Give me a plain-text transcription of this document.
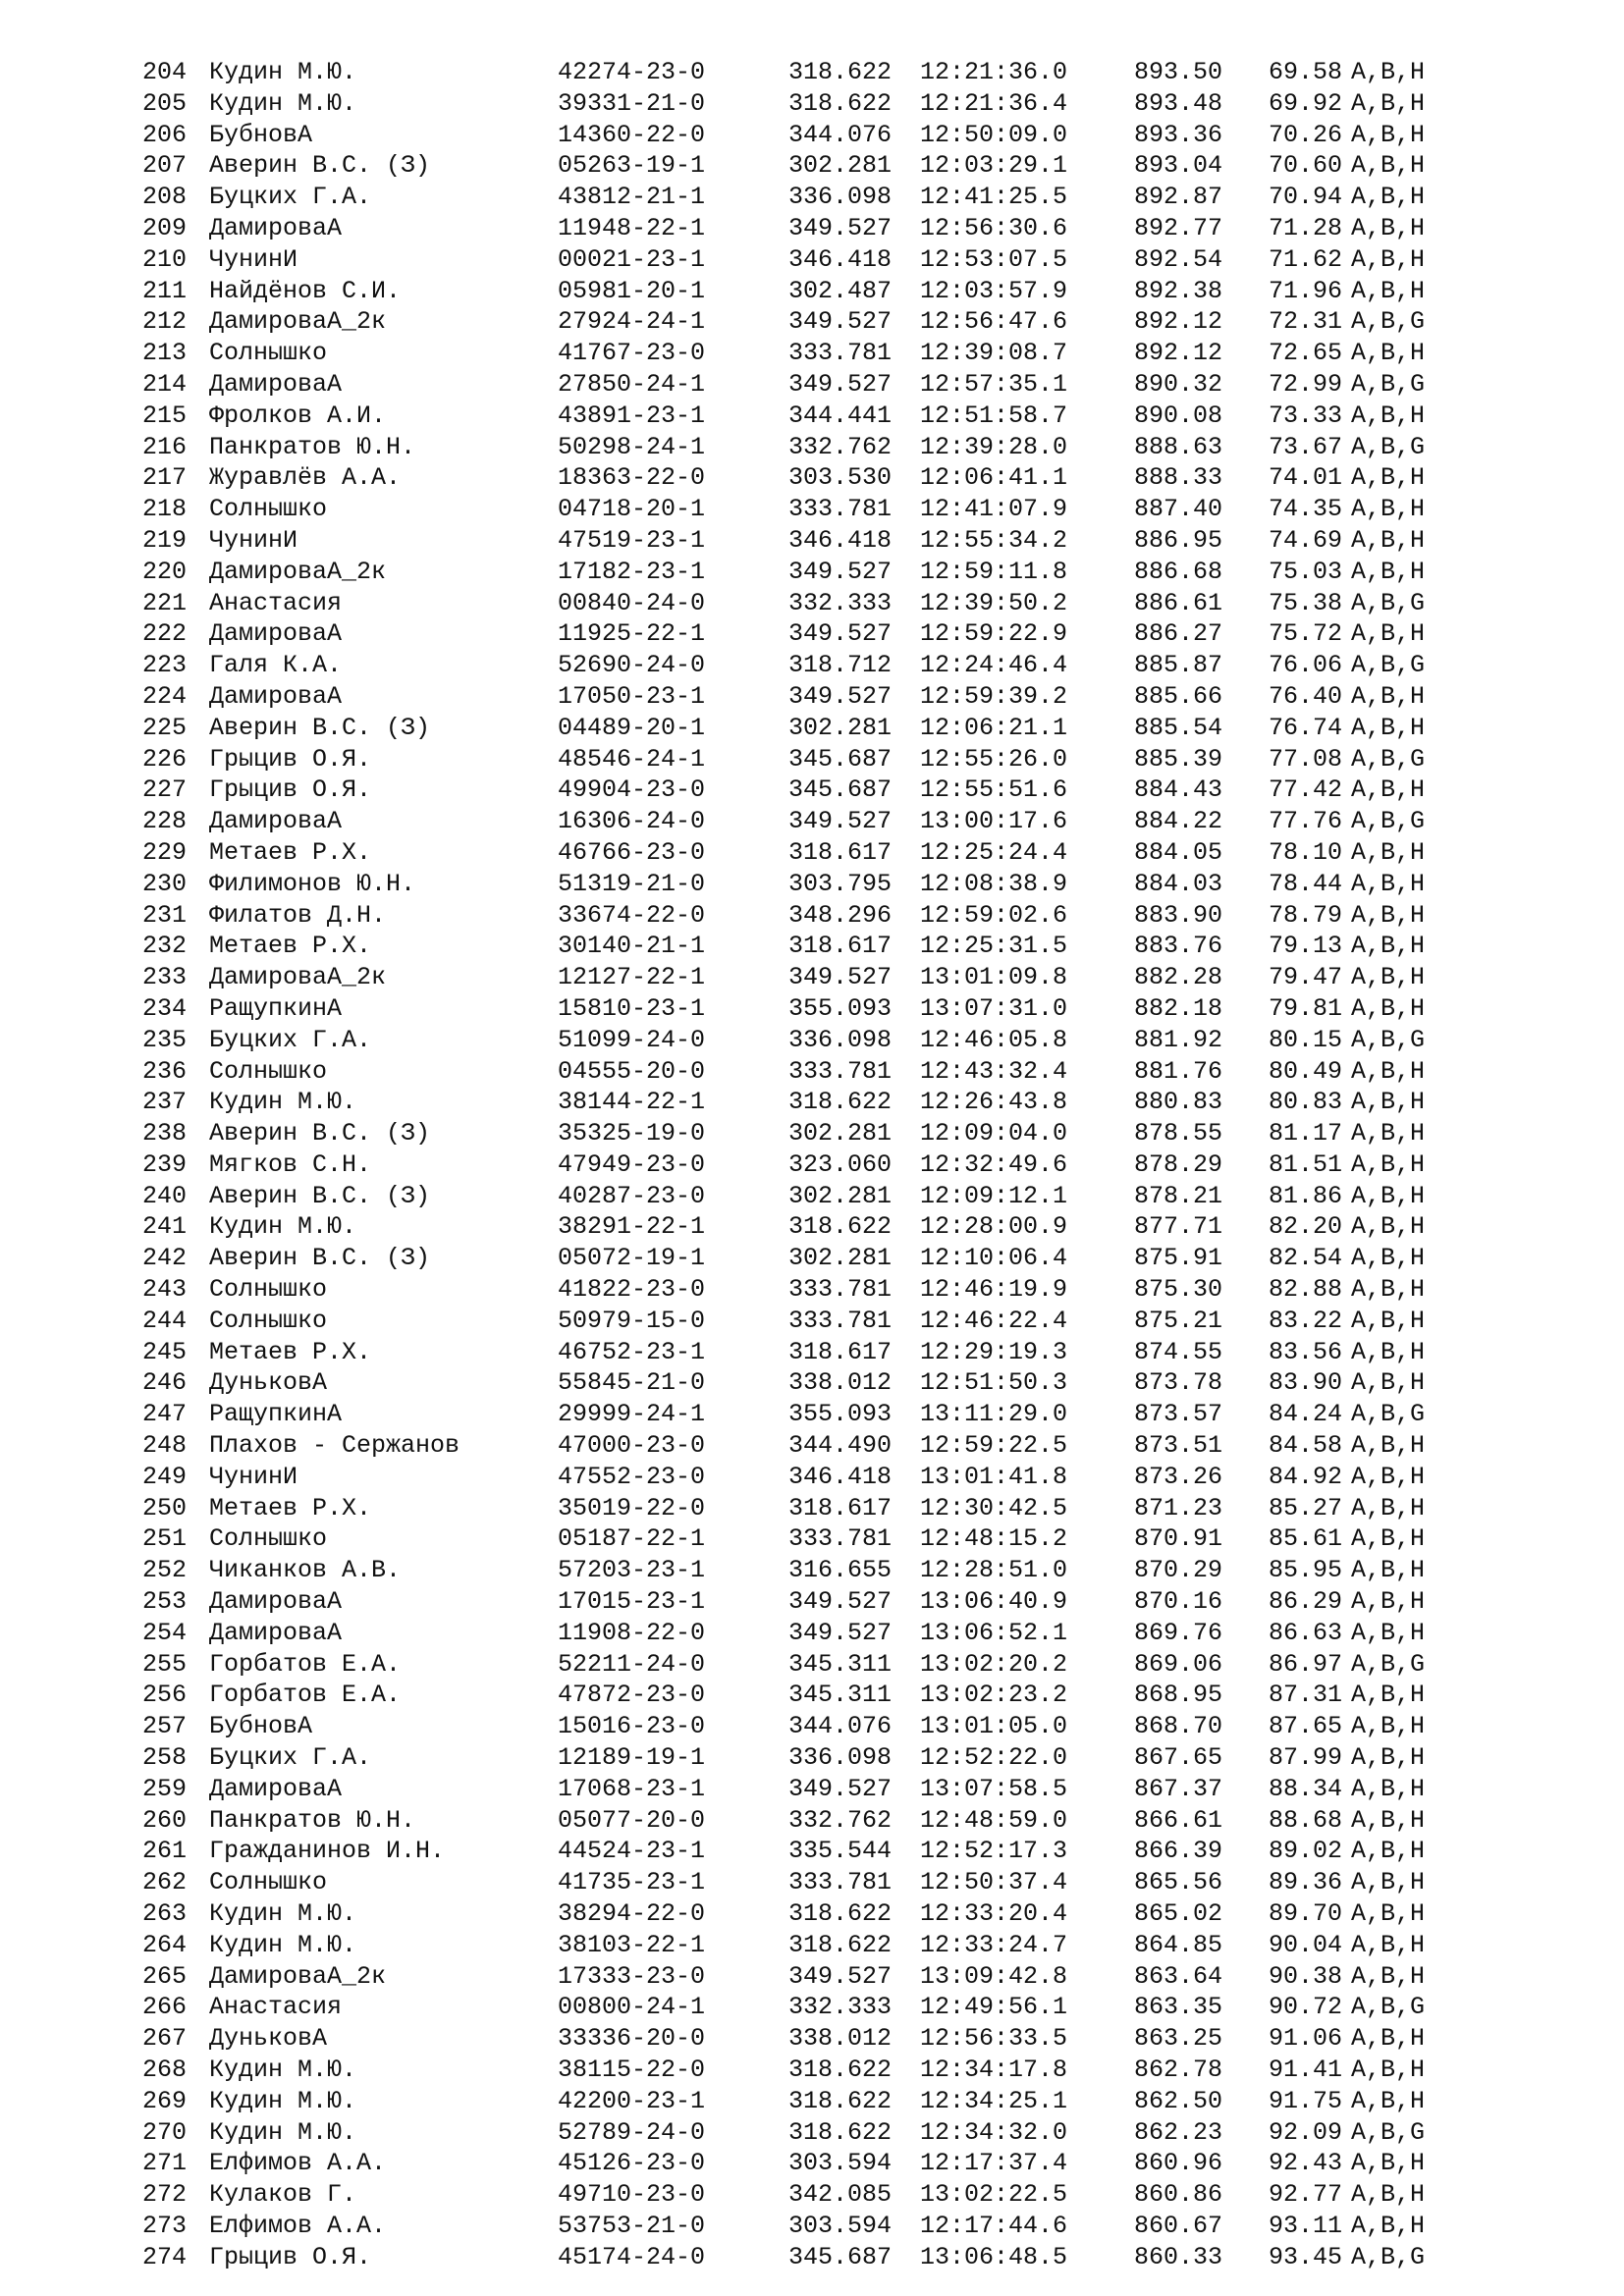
204 Кудин М.Ю.	42274-23-0	318.622 12:21:36.0	893.50 69.58 A,B,H
205 Кудин М.Ю.	39331-21-0	318.622 12:21:36.4	893.48 69.92 A,B,H
206 БубновА	14360-22-0	344.076 12:50:09.0	893.36 70.26 A,B,H
207 Аверин В.С. (З)	05263-19-1	302.281 12:03:29.1	893.04 70.60 A,B,H
208 Буцких Г.А.	43812-21-1	336.098 12:41:25.5	892.87 70.94 A,B,H
209 ДамироваА	11948-22-1	349.527 12:56:30.6	892.77 71.28 A,B,H
210 ЧунинИ	00021-23-1	346.418 12:53:07.5	892.54 71.62 A,B,H
211 Найдёнов С.И.	05981-20-1	302.487 12:03:57.9	892.38 71.96 A,B,H
212 ДамироваА_2к	27924-24-1	349.527 12:56:47.6	892.12 72.31 A,B,G
213 Солнышко	41767-23-0	333.781 12:39:08.7	892.12 72.65 A,B,H
214 ДамироваА	27850-24-1	349.527 12:57:35.1	890.32 72.99 A,B,G
215 Фролков А.И.	43891-23-1	344.441 12:51:58.7	890.08 73.33 A,B,H
216 Панкратов Ю.Н.	50298-24-1	332.762 12:39:28.0	888.63 73.67 A,B,G
217 Журавлёв А.А.	18363-22-0	303.530 12:06:41.1	888.33 74.01 A,B,H
218 Солнышко	04718-20-1	333.781 12:41:07.9	887.40 74.35 A,B,H
219 ЧунинИ	47519-23-1	346.418 12:55:34.2	886.95 74.69 A,B,H
220 ДамироваА_2к	17182-23-1	349.527 12:59:11.8	886.68 75.03 A,B,H
221 Анастасия	00840-24-0	332.333 12:39:50.2	886.61 75.38 A,B,G
222 ДамироваА	11925-22-1	349.527 12:59:22.9	886.27 75.72 A,B,H
223 Галя К.А.	52690-24-0	318.712 12:24:46.4	885.87 76.06 A,B,G
224 ДамироваА	17050-23-1	349.527 12:59:39.2	885.66 76.40 A,B,H
225 Аверин В.С. (З)	04489-20-1	302.281 12:06:21.1	885.54 76.74 A,B,H
226 Грыцив О.Я.	48546-24-1	345.687 12:55:26.0	885.39 77.08 A,B,G
227 Грыцив О.Я.	49904-23-0	345.687 12:55:51.6	884.43 77.42 A,B,H
228 ДамироваА	16306-24-0	349.527 13:00:17.6	884.22 77.76 A,B,G
229 Метаев Р.Х.	46766-23-0	318.617 12:25:24.4	884.05 78.10 A,B,H
230 Филимонов Ю.Н.	51319-21-0	303.795 12:08:38.9	884.03 78.44 A,B,H
231 Филатов Д.Н.	33674-22-0	348.296 12:59:02.6	883.90 78.79 A,B,H
232 Метаев Р.Х.	30140-21-1	318.617 12:25:31.5	883.76 79.13 A,B,H
233 ДамироваА_2к	12127-22-1	349.527 13:01:09.8	882.28 79.47 A,B,H
234 РащупкинА	15810-23-1	355.093 13:07:31.0	882.18 79.81 A,B,H
235 Буцких Г.А.	51099-24-0	336.098 12:46:05.8	881.92 80.15 A,B,G
236 Солнышко	04555-20-0	333.781 12:43:32.4	881.76 80.49 A,B,H
237 Кудин М.Ю.	38144-22-1	318.622 12:26:43.8	880.83 80.83 A,B,H
238 Аверин В.С. (З)	35325-19-0	302.281 12:09:04.0	878.55 81.17 A,B,H
239 Мягков С.Н.	47949-23-0	323.060 12:32:49.6	878.29 81.51 A,B,H
240 Аверин В.С. (З)	40287-23-0	302.281 12:09:12.1	878.21 81.86 A,B,H
241 Кудин М.Ю.	38291-22-1	318.622 12:28:00.9	877.71 82.20 A,B,H
242 Аверин В.С. (З)	05072-19-1	302.281 12:10:06.4	875.91 82.54 A,B,H
243 Солнышко	41822-23-0	333.781 12:46:19.9	875.30 82.88 A,B,H
244 Солнышко	50979-15-0	333.781 12:46:22.4	875.21 83.22 A,B,H
245 Метаев Р.Х.	46752-23-1	318.617 12:29:19.3	874.55 83.56 A,B,H
246 ДуньковА	55845-21-0	338.012 12:51:50.3	873.78 83.90 A,B,H
247 РащупкинА	29999-24-1	355.093 13:11:29.0	873.57 84.24 A,B,G
248 Плахов - Сержанов	47000-23-0	344.490 12:59:22.5	873.51 84.58 A,B,H
249 ЧунинИ	47552-23-0	346.418 13:01:41.8	873.26 84.92 A,B,H
250 Метаев Р.Х.	35019-22-0	318.617 12:30:42.5	871.23 85.27 A,B,H
251 Солнышко	05187-22-1	333.781 12:48:15.2	870.91 85.61 A,B,H
252 Чиканков А.В.	57203-23-1	316.655 12:28:51.0	870.29 85.95 A,B,H
253 ДамироваА	17015-23-1	349.527 13:06:40.9	870.16 86.29 A,B,H
254 ДамироваА	11908-22-0	349.527 13:06:52.1	869.76 86.63 A,B,H
255 Горбатов Е.А.	52211-24-0	345.311 13:02:20.2	869.06 86.97 A,B,G
256 Горбатов Е.А.	47872-23-0	345.311 13:02:23.2	868.95 87.31 A,B,H
257 БубновА	15016-23-0	344.076 13:01:05.0	868.70 87.65 A,B,H
258 Буцких Г.А.	12189-19-1	336.098 12:52:22.0	867.65 87.99 A,B,H
259 ДамироваА	17068-23-1	349.527 13:07:58.5	867.37 88.34 A,B,H
260 Панкратов Ю.Н.	05077-20-0	332.762 12:48:59.0	866.61 88.68 A,B,H
261 Гражданинов И.Н.	44524-23-1	335.544 12:52:17.3	866.39 89.02 A,B,H
262 Солнышко	41735-23-1	333.781 12:50:37.4	865.56 89.36 A,B,H
263 Кудин М.Ю.	38294-22-0	318.622 12:33:20.4	865.02 89.70 A,B,H
264 Кудин М.Ю.	38103-22-1	318.622 12:33:24.7	864.85 90.04 A,B,H
265 ДамироваА_2к	17333-23-0	349.527 13:09:42.8	863.64 90.38 A,B,H
266 Анастасия	00800-24-1	332.333 12:49:56.1	863.35 90.72 A,B,G
267 ДуньковА	33336-20-0	338.012 12:56:33.5	863.25 91.06 A,B,H
268 Кудин М.Ю.	38115-22-0	318.622 12:34:17.8	862.78 91.41 A,B,H
269 Кудин М.Ю.	42200-23-1	318.622 12:34:25.1	862.50 91.75 A,B,H
270 Кудин М.Ю.	52789-24-0	318.622 12:34:32.0	862.23 92.09 A,B,G
271 Елфимов А.А.	45126-23-0	303.594 12:17:37.4	860.96 92.43 A,B,H
272 Кулаков Г.	49710-23-0	342.085 13:02:22.5	860.86 92.77 A,B,H
273 Елфимов А.А.	53753-21-0	303.594 12:17:44.6	860.67 93.11 A,B,H
274 Грыцив О.Я.	45174-24-0	345.687 13:06:48.5	860.33 93.45 A,B,G
